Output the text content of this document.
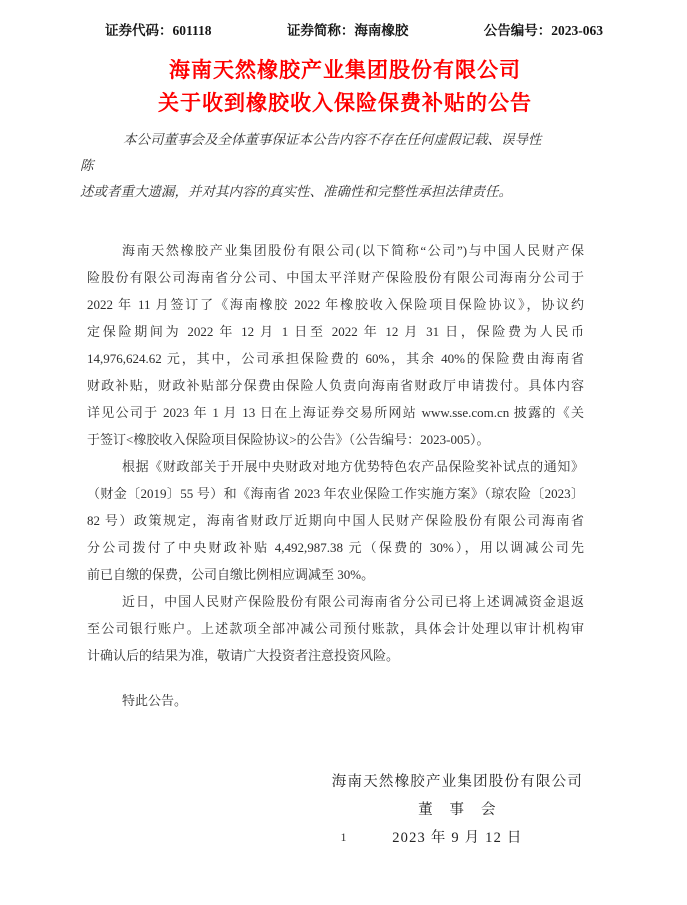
证券代码：601118	证券简称：海南橡胶	公告编号：2023-063
海南天然橡胶产业集团股份有限公司
关于收到橡胶收入保险保费补贴的公告
本公司董事会及全体董事保证本公告内容不存在任何虚假记载、误导性陈
述或者重大遗漏，并对其内容的真实性、准确性和完整性承担法律责任。
海南天然橡胶产业集团股份有限公司(以下简称“公司”)与中国人民财产保
险股份有限公司海南省分公司、中国太平洋财产保险股份有限公司海南分公司于
2022 年 11 月签订了《海南橡胶 2022 年橡胶收入保险项目保险协议》，协议约
定保险期间为 2022 年 12 月 1 日至 2022 年 12 月 31 日，保险费为人民币
14,976,624.62 元，其中，公司承担保险费的 60%，其余 40%的保险费由海南省
财政补贴，财政补贴部分保费由保险人负责向海南省财政厅申请拨付。具体内容
详见公司于 2023 年 1 月 13 日在上海证券交易所网站 www.sse.com.cn 披露的《关
于签订<橡胶收入保险项目保险协议>的公告》（公告编号：2023-005）。
根据《财政部关于开展中央财政对地方优势特色农产品保险奖补试点的通知》
（财金〔2019〕55 号）和《海南省 2023 年农业保险工作实施方案》（琼农险〔2023〕
82 号）政策规定，海南省财政厅近期向中国人民财产保险股份有限公司海南省
分公司拨付了中央财政补贴 4,492,987.38 元（保费的 30%），用以调减公司先
前已自缴的保费，公司自缴比例相应调减至 30%。
近日，中国人民财产保险股份有限公司海南省分公司已将上述调减资金退返
至公司银行账户。上述款项全部冲减公司预付账款，具体会计处理以审计机构审
计确认后的结果为准，敬请广大投资者注意投资风险。
特此公告。
海南天然橡胶产业集团股份有限公司
董　事　会
2023 年 9 月 12 日
1
